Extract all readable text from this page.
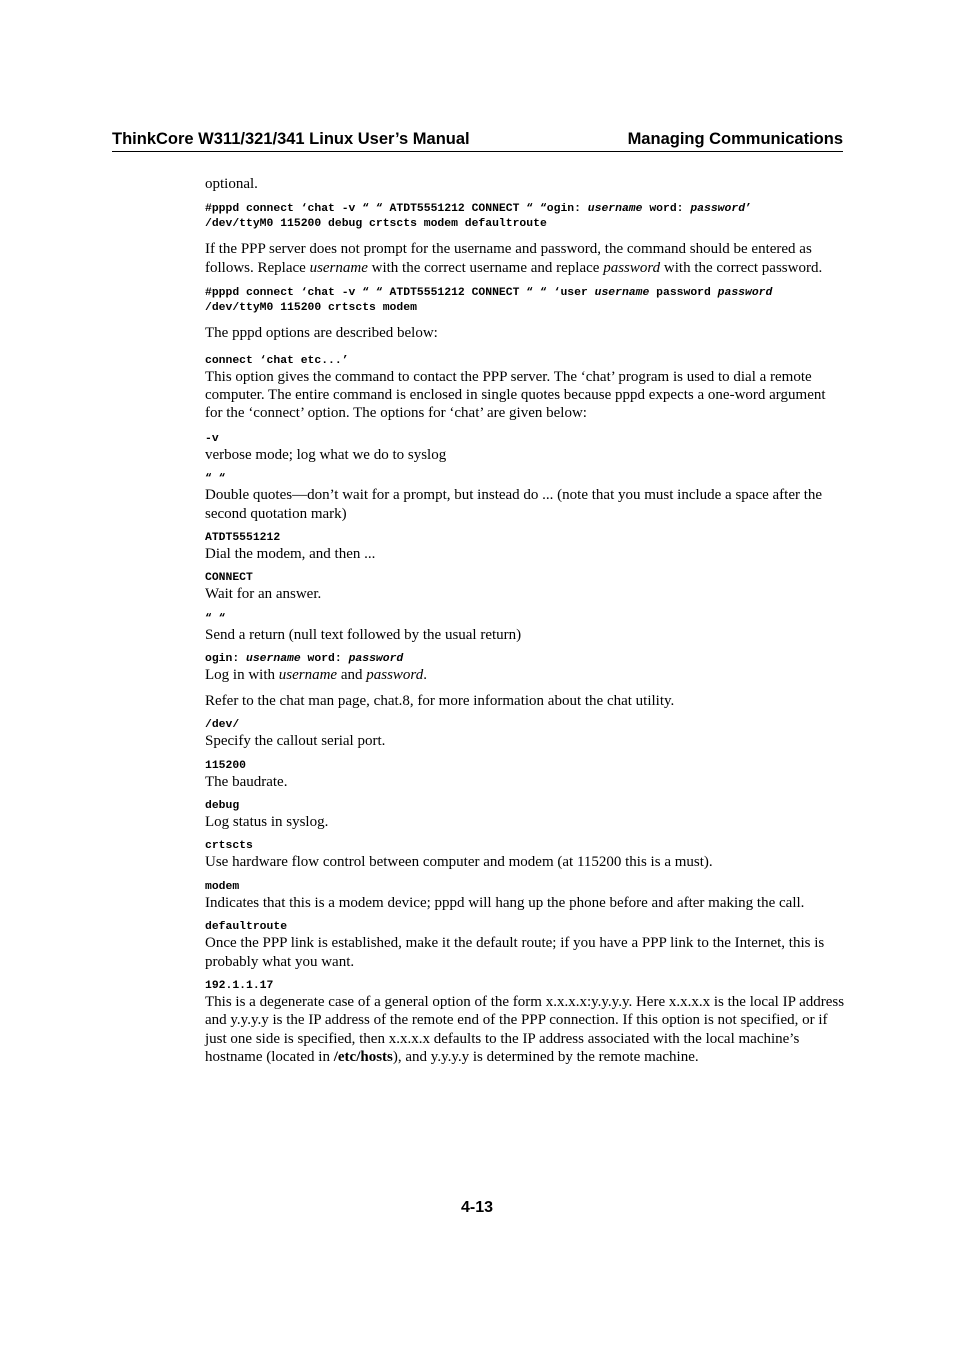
ThinkCore W311/321/341 Linux User’s Manual	Managing Communications

optional.

#pppd connect ‘chat -v “ “ ATDT5551212 CONNECT “ “ogin: username word: password’
/dev/ttyM0 115200 debug crtscts modem defaultroute

If the PPP server does not prompt for the username and password, the command should be entered as follows. Replace username with the correct username and replace password with the correct password.

#pppd connect ‘chat -v “ “ ATDT5551212 CONNECT “ “ ‘user username password password
/dev/ttyM0 115200 crtscts modem

The pppd options are described below:

connect ‘chat etc...’

This option gives the command to contact the PPP server. The ‘chat’ program is used to dial a remote computer. The entire command is enclosed in single quotes because pppd expects a one-word argument for the ‘connect’ option. The options for ‘chat’ are given below:

-v

verbose mode; log what we do to syslog

“ “

Double quotes—don’t wait for a prompt, but instead do ... (note that you must include a space after the second quotation mark)

ATDT5551212

Dial the modem, and then ...

CONNECT

Wait for an answer.

“ “

Send a return (null text followed by the usual return)

ogin: username word: password

Log in with username and password.

Refer to the chat man page, chat.8, for more information about the chat utility.

/dev/

Specify the callout serial port.

115200

The baudrate.

debug

Log status in syslog.

crtscts

Use hardware flow control between computer and modem (at 115200 this is a must).

modem

Indicates that this is a modem device; pppd will hang up the phone before and after making the call.

defaultroute

Once the PPP link is established, make it the default route; if you have a PPP link to the Internet, this is probably what you want.

192.1.1.17

This is a degenerate case of a general option of the form x.x.x.x:y.y.y.y. Here x.x.x.x is the local IP address and y.y.y.y is the IP address of the remote end of the PPP connection. If this option is not specified, or if just one side is specified, then x.x.x.x defaults to the IP address associated with the local machine’s hostname (located in /etc/hosts), and y.y.y.y is determined by the remote machine.

4-13
